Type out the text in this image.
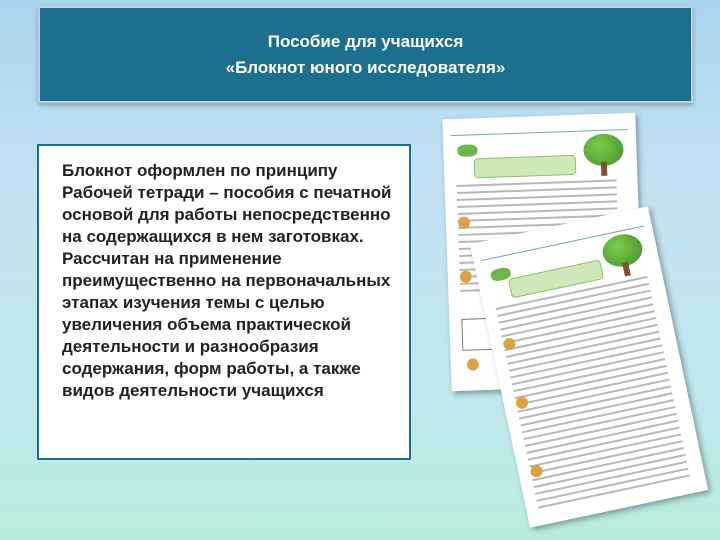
Пособие для учащихся
«Блокнот юного исследователя»
Блокнот оформлен по принципу Рабочей тетради – пособия с печатной основой для работы непосредственно на содержащихся в нем заготовках. Рассчитан на применение преимущественно на первоначальных этапах изучения темы с целью увеличения объема практической деятельности и разнообразия содержания, форм работы, а также видов деятельности учащихся
